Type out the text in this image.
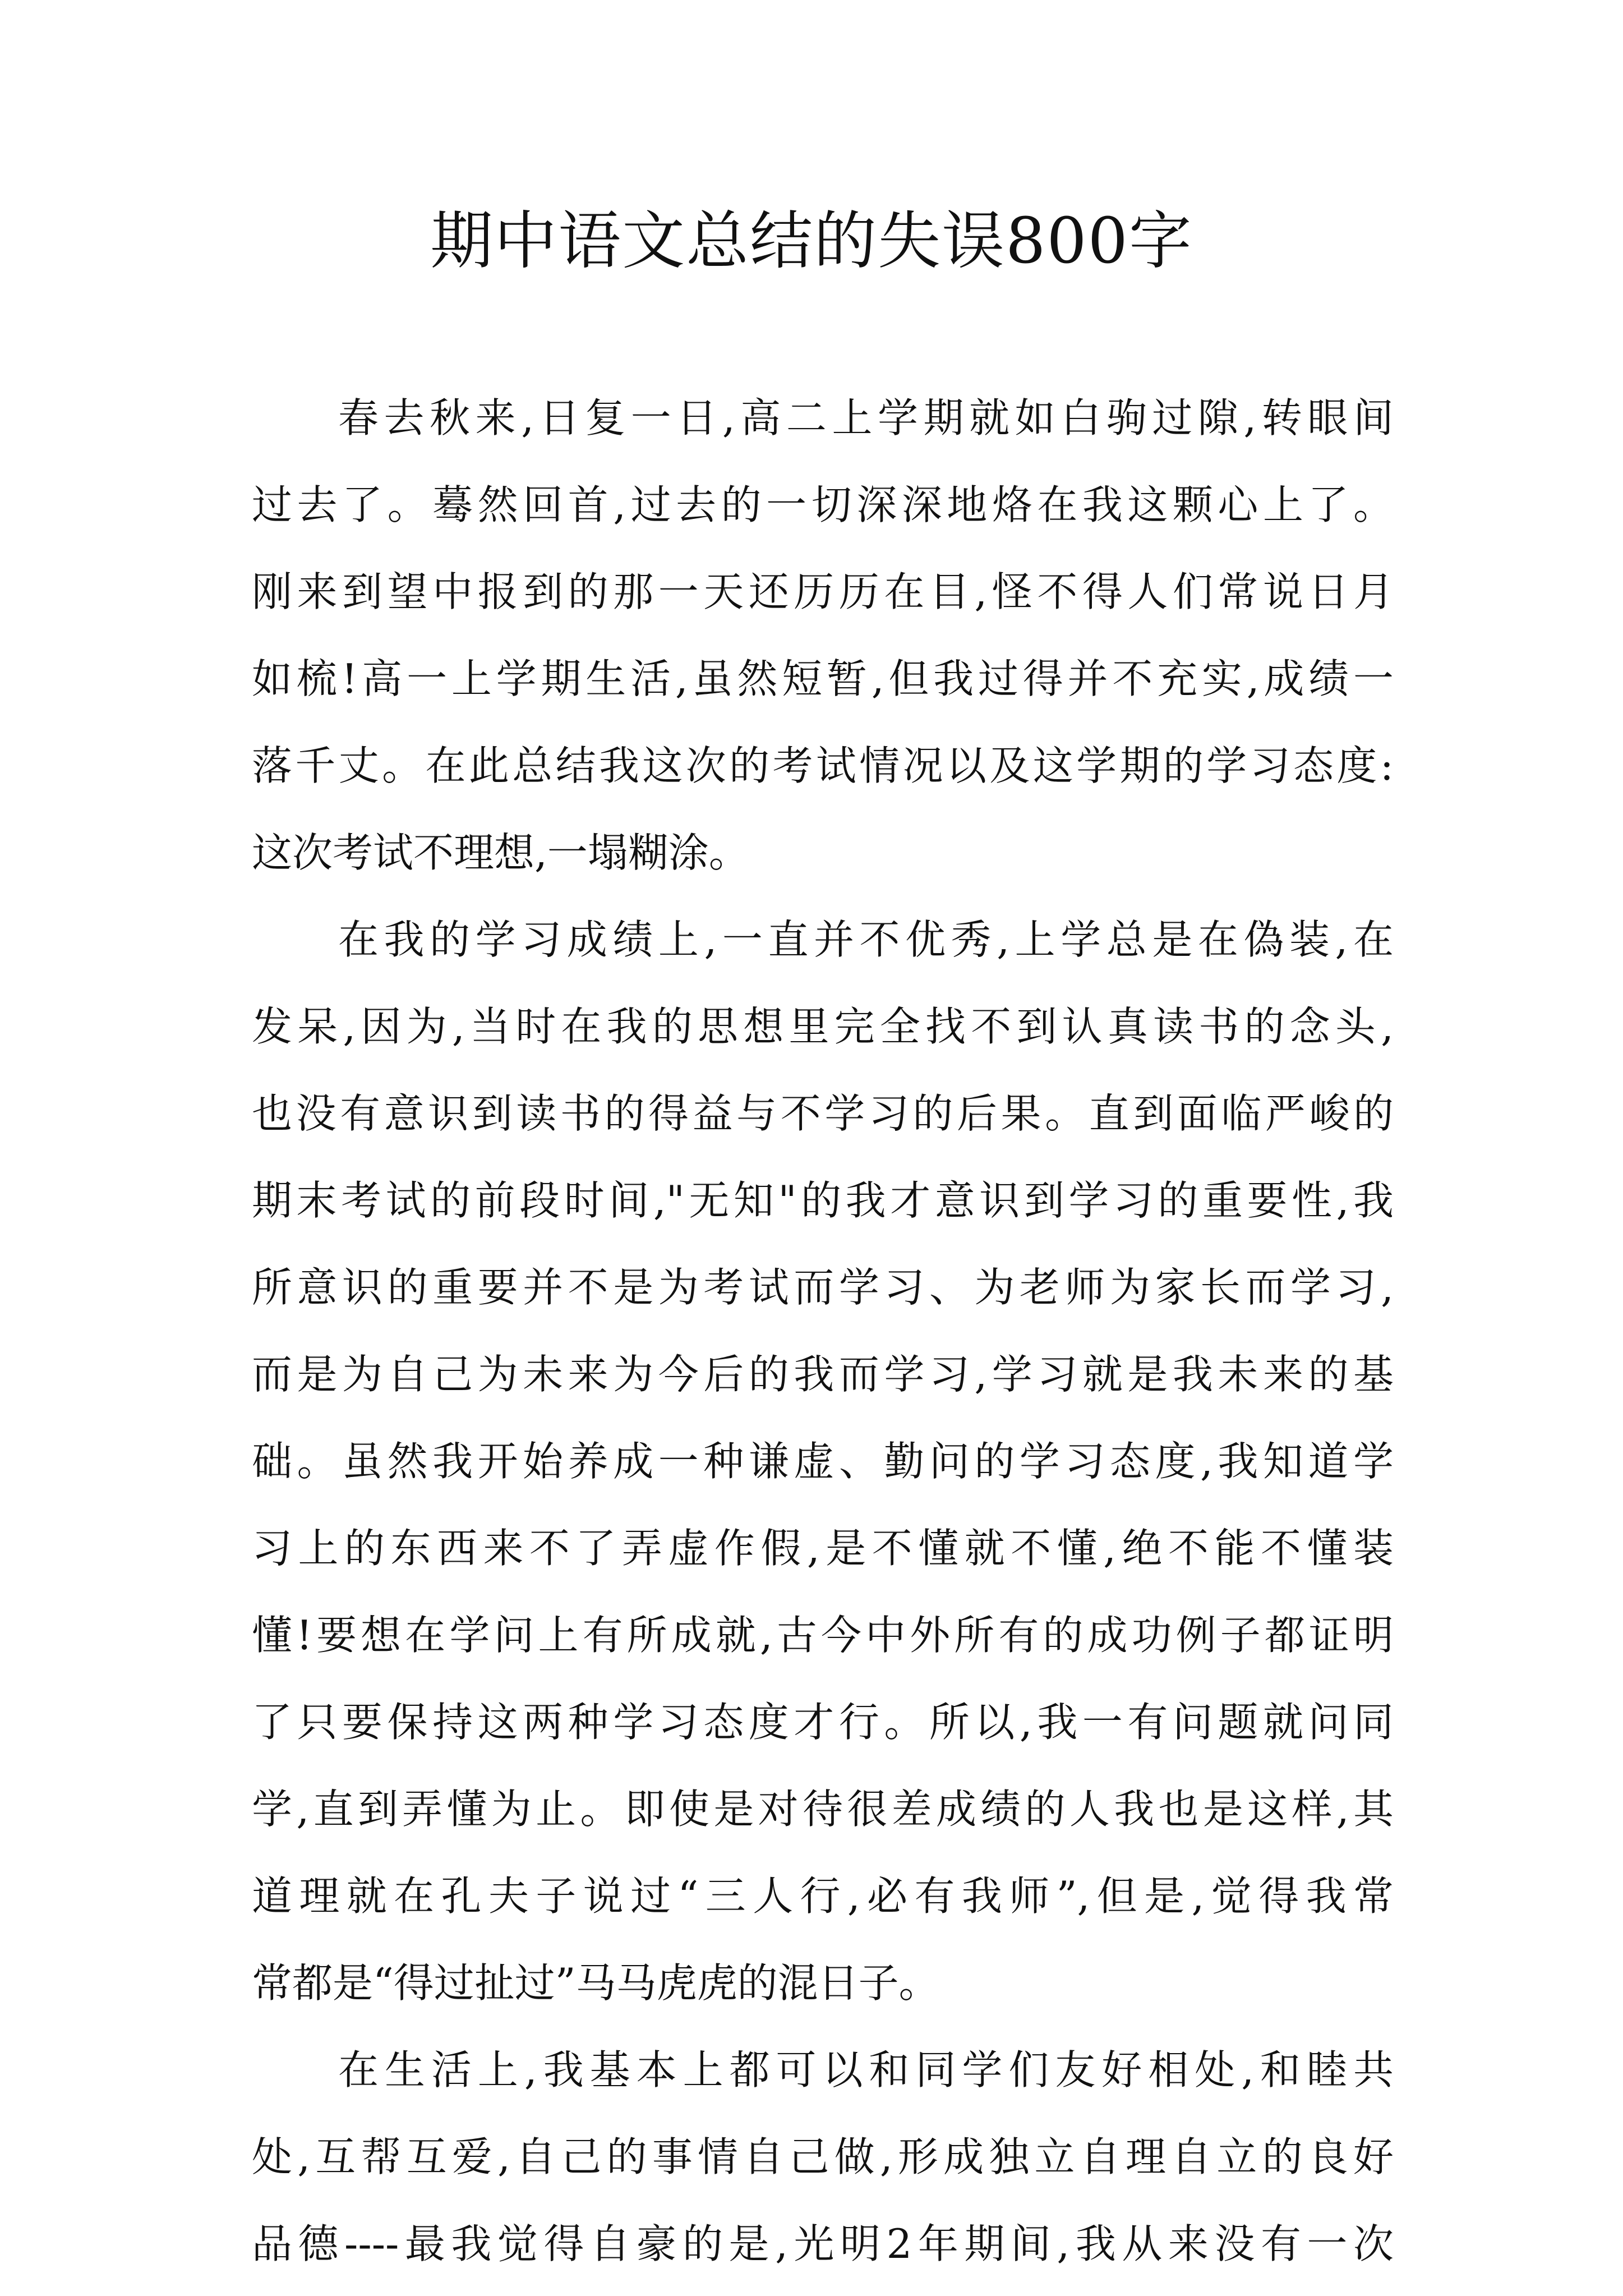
期中语文总结的失误800字
春去秋来,日复一日,高二上学期就如白驹过隙,转眼间
过去了。蓦然回首,过去的一切深深地烙在我这颗心上了。
刚来到望中报到的那一天还历历在目,怪不得人们常说日月
如梳!高一上学期生活,虽然短暂,但我过得并不充实,成绩一
落千丈。在此总结我这次的考试情况以及这学期的学习态度:
这次考试不理想,一塌糊涂。
在我的学习成绩上,一直并不优秀,上学总是在偽装,在
发呆,因为,当时在我的思想里完全找不到认真读书的念头,
也没有意识到读书的得益与不学习的后果。直到面临严峻的
期末考试的前段时间,"无知"的我才意识到学习的重要性,我
所意识的重要并不是为考试而学习、为老师为家长而学习,
而是为自己为未来为今后的我而学习,学习就是我未来的基
础。虽然我开始养成一种谦虚、勤问的学习态度,我知道学
习上的东西来不了弄虚作假,是不懂就不懂,绝不能不懂装
懂!要想在学问上有所成就,古今中外所有的成功例子都证明
了只要保持这两种学习态度才行。所以,我一有问题就问同
学,直到弄懂为止。即使是对待很差成绩的人我也是这样,其
道理就在孔夫子说过“三人行,必有我师”,但是,觉得我常
常都是“得过扯过”马马虎虎的混日子。
在生活上,我基本上都可以和同学们友好相处,和睦共
处,互帮互爱,自己的事情自己做,形成独立自理自立的良好
品德----最我觉得自豪的是,光明2年期间,我从来没有一次
